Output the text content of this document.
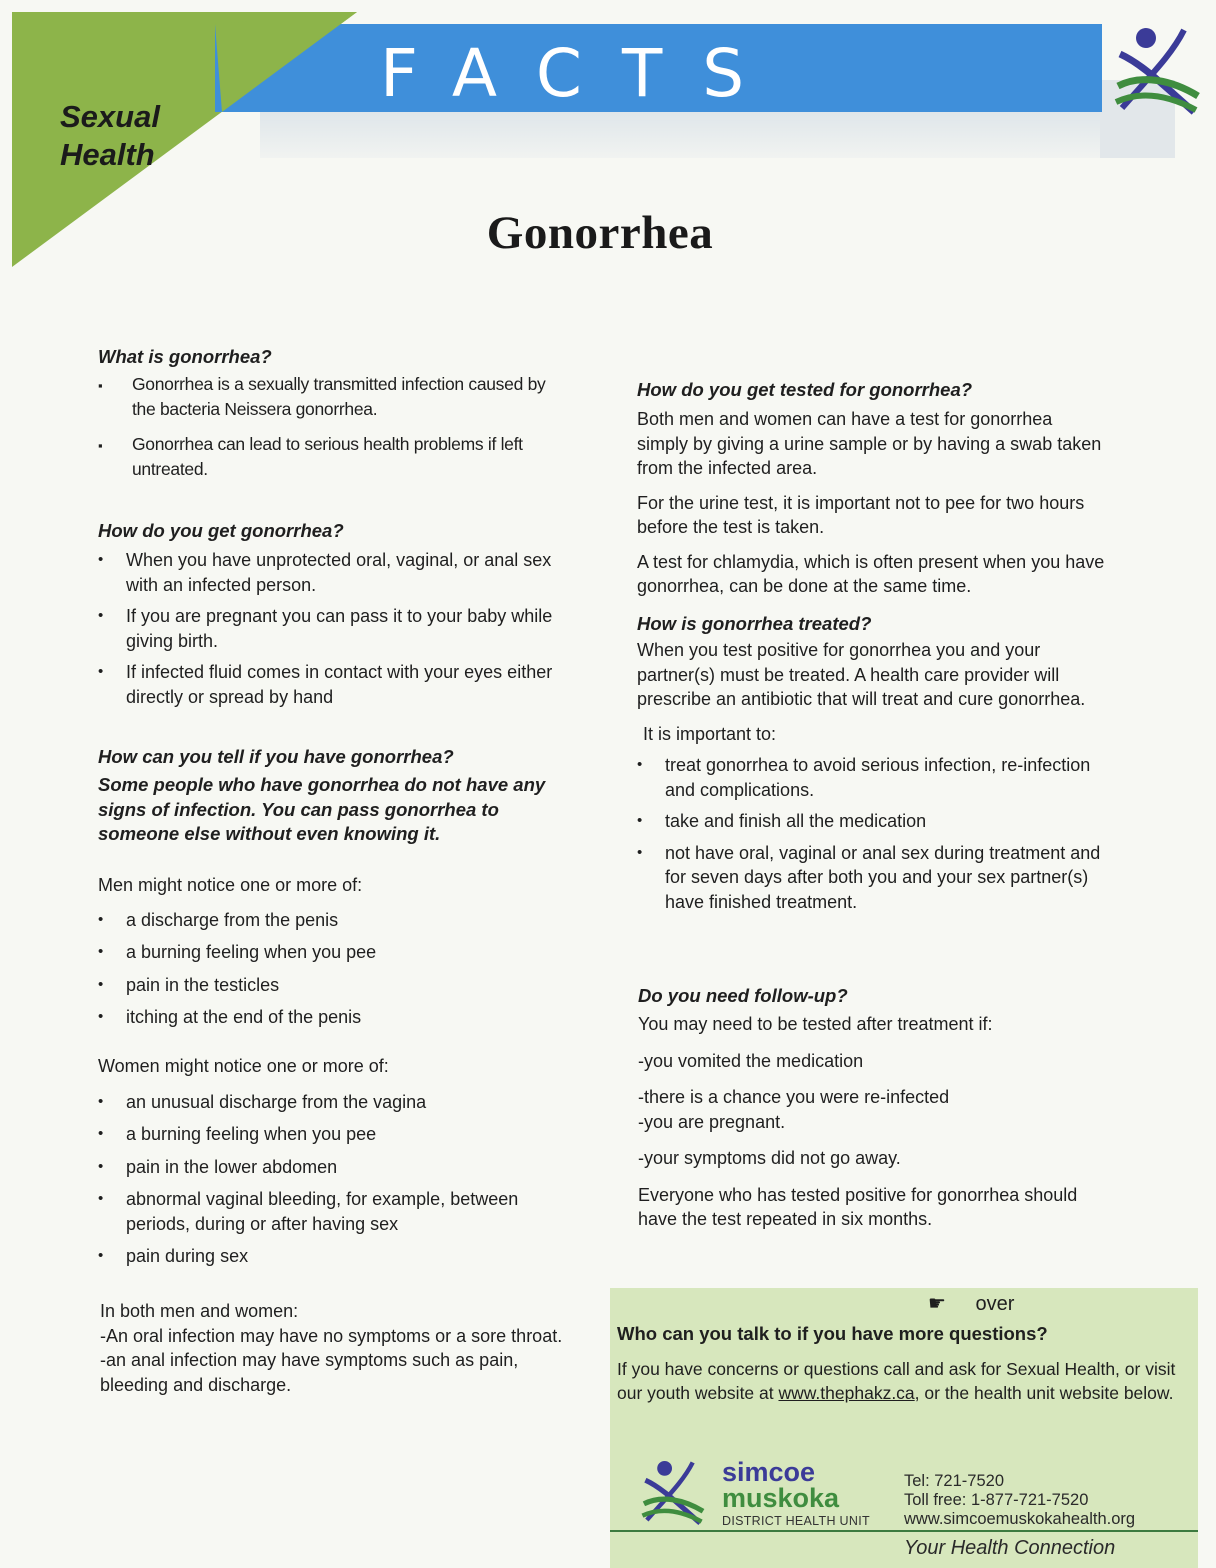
FACTS
Sexual Health
Gonorrhea

What is gonorrhea?

▪ Gonorrhea is a sexually transmitted infection caused by the bacteria Neissera gonorrhea.
▪ Gonorrhea can lead to serious health problems if left untreated.

How do you get gonorrhea?

• When you have unprotected oral, vaginal, or anal sex with an infected person.
• If you are pregnant you can pass it to your baby while giving birth.
• If infected fluid comes in contact with your eyes either directly or spread by hand

How can you tell if you have gonorrhea?

Some people who have gonorrhea do not have any signs of infection. You can pass gonorrhea to someone else without even knowing it.

Men might notice one or more of:

• a discharge from the penis
• a burning feeling when you pee
• pain in the testicles
• itching at the end of the penis

Women might notice one or more of:

• an unusual discharge from the vagina
• a burning feeling when you pee
• pain in the lower abdomen
• abnormal vaginal bleeding, for example, between periods, during or after having sex
• pain during sex

In both men and women:

-An oral infection may have no symptoms or a sore throat.

-an anal infection may have symptoms such as pain, bleeding and discharge.

How do you get tested for gonorrhea?

Both men and women can have a test for gonorrhea simply by giving a urine sample or by having a swab taken from the infected area.

For the urine test, it is important not to pee for two hours before the test is taken.

A test for chlamydia, which is often present when you have gonorrhea, can be done at the same time.

How is gonorrhea treated?

When you test positive for gonorrhea you and your partner(s) must be treated. A health care provider will prescribe an antibiotic that will treat and cure gonorrhea.

It is important to:

• treat gonorrhea to avoid serious infection, re-infection and complications.
• take and finish all the medication
• not have oral, vaginal or anal sex during treatment and for seven days after both you and your sex partner(s) have finished treatment.

Do you need follow-up?

You may need to be tested after treatment if:

-you vomited the medication

-there is a chance you were re-infected

-you are pregnant.

-your symptoms did not go away.

Everyone who has tested positive for gonorrhea should have the test repeated in six months.

☛ over

Who can you talk to if you have more questions?

If you have concerns or questions call and ask for Sexual Health, or visit our youth website at www.thephakz.ca, or the health unit website below.

simcoe
muskoka
DISTRICT HEALTH UNIT
Tel: 721-7520
Toll free: 1-877-721-7520
www.simcoemuskokahealth.org
Your Health Connection
